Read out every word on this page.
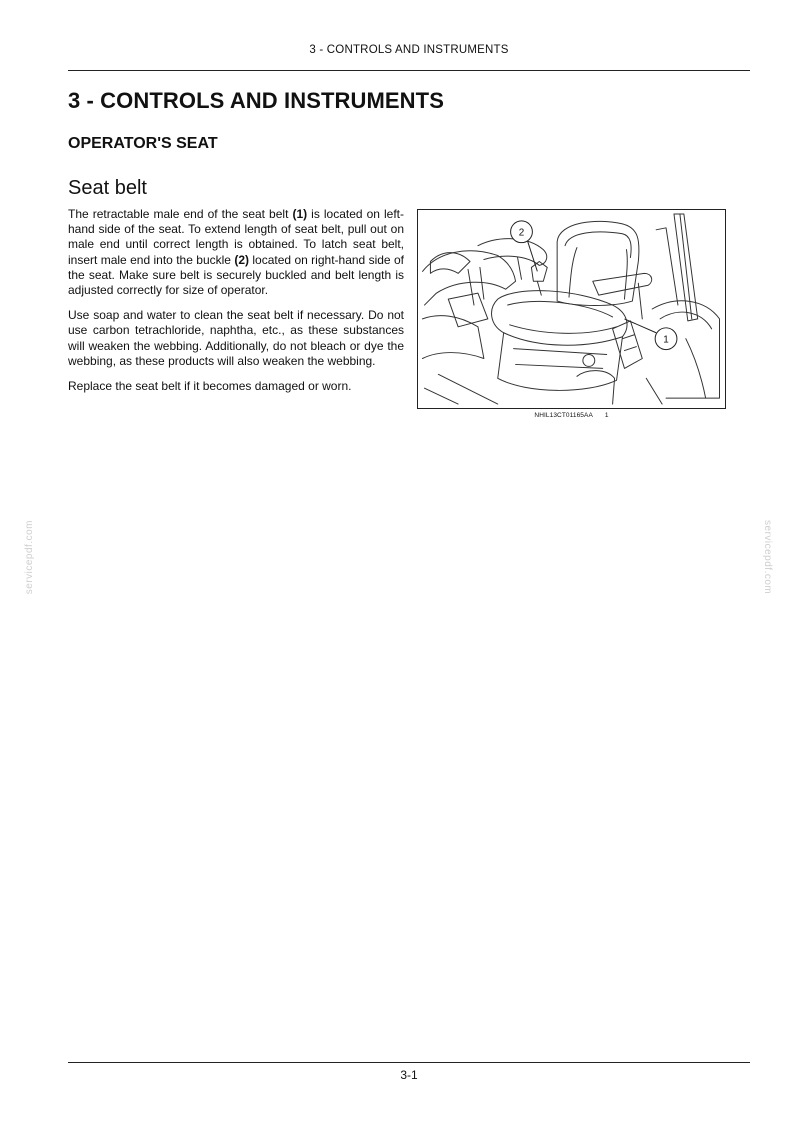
3 - CONTROLS AND INSTRUMENTS
3 - CONTROLS AND INSTRUMENTS
OPERATOR'S SEAT
Seat belt

The retractable male end of the seat belt (1) is located on left-hand side of the seat. To extend length of seat belt, pull out on male end until correct length is obtained. To latch seat belt, insert male end into the buckle (2) located on right-hand side of the seat. Make sure belt is securely buckled and belt length is adjusted correctly for size of operator.

Use soap and water to clean the seat belt if necessary. Do not use carbon tetrachloride, naphtha, etc., as these substances will weaken the webbing. Additionally, do not bleach or dye the webbing, as these products will also weaken the webbing.

Replace the seat belt if it becomes damaged or worn.

2
1
NHIL13CT01165AA 1
servicepdf.com	servicepdf.com
3-1
